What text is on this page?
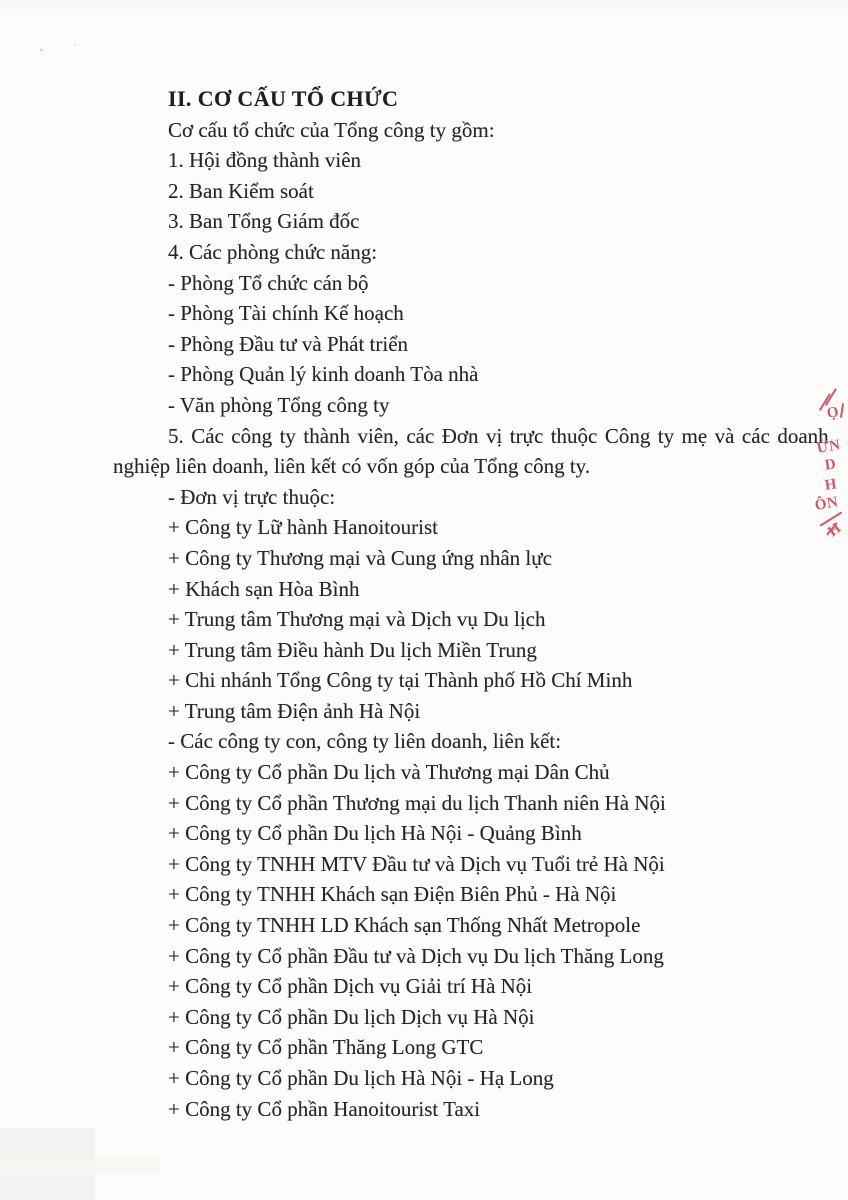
II. CƠ CẤU TỔ CHỨC
Cơ cấu tổ chức của Tổng công ty gồm:
1. Hội đồng thành viên
2. Ban Kiểm soát
3. Ban Tổng Giám đốc
4. Các phòng chức năng:
- Phòng Tổ chức cán bộ
- Phòng Tài chính Kế hoạch
- Phòng Đầu tư và Phát triển
- Phòng Quản lý kinh doanh Tòa nhà
- Văn phòng Tổng công ty
5. Các công ty thành viên, các Đơn vị trực thuộc Công ty mẹ và các doanh
nghiệp liên doanh, liên kết có vốn góp của Tổng công ty.
- Đơn vị trực thuộc:
+ Công ty Lữ hành Hanoitourist
+ Công ty Thương mại và Cung ứng nhân lực
+ Khách sạn Hòa Bình
+ Trung tâm Thương mại và Dịch vụ Du lịch
+ Trung tâm Điều hành Du lịch Miền Trung
+ Chi nhánh Tổng Công ty tại Thành phố Hồ Chí Minh
+ Trung tâm Điện ảnh Hà Nội
- Các công ty con, công ty liên doanh, liên kết:
+ Công ty Cổ phần Du lịch và Thương mại Dân Chủ
+ Công ty Cổ phần Thương mại du lịch Thanh niên Hà Nội
+ Công ty Cổ phần Du lịch Hà Nội - Quảng Bình
+ Công ty TNHH MTV Đầu tư và Dịch vụ Tuổi trẻ Hà Nội
+ Công ty TNHH Khách sạn Điện Biên Phủ - Hà Nội
+ Công ty TNHH LD Khách sạn Thống Nhất Metropole
+ Công ty Cổ phần Đầu tư và Dịch vụ Du lịch Thăng Long
+ Công ty Cổ phần Dịch vụ Giải trí Hà Nội
+ Công ty Cổ phần Du lịch Dịch vụ Hà Nội
+ Công ty Cổ phần Thăng Long GTC
+ Công ty Cổ phần Du lịch Hà Nội - Hạ Long
+ Công ty Cổ phần Hanoitourist Taxi
Ọ
ỬN
D
H
ÔN
H
